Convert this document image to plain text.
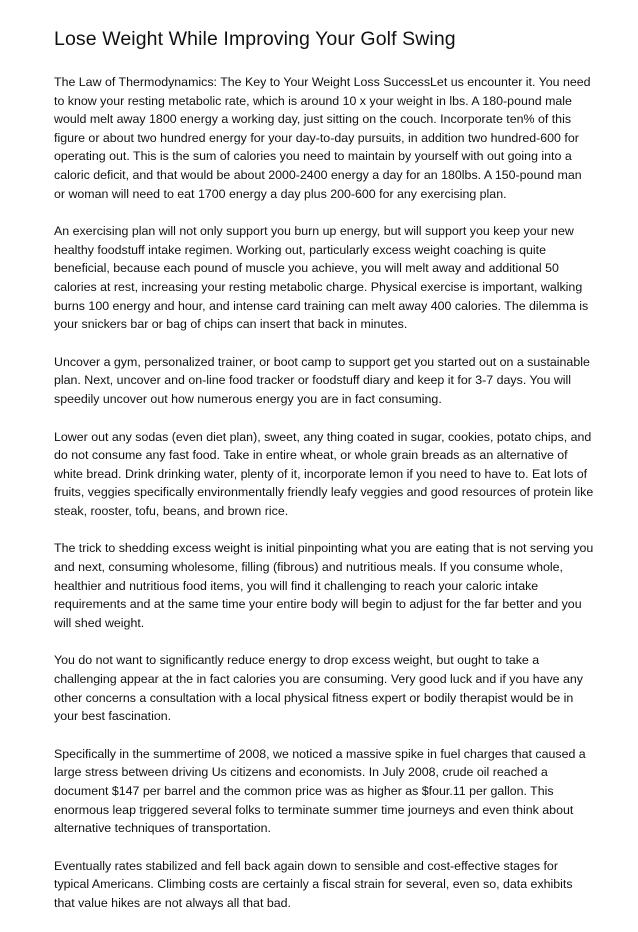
Lose Weight While Improving Your Golf Swing

The Law of Thermodynamics: The Key to Your Weight Loss SuccessLet us encounter it. You need to know your resting metabolic rate, which is around 10 x your weight in lbs. A 180-pound male would melt away 1800 energy a working day, just sitting on the couch. Incorporate ten% of this figure or about two hundred energy for your day-to-day pursuits, in addition two hundred-600 for operating out. This is the sum of calories you need to maintain by yourself with out going into a caloric deficit, and that would be about 2000-2400 energy a day for an 180lbs. A 150-pound man or woman will need to eat 1700 energy a day plus 200-600 for any exercising plan.

An exercising plan will not only support you burn up energy, but will support you keep your new healthy foodstuff intake regimen. Working out, particularly excess weight coaching is quite beneficial, because each pound of muscle you achieve, you will melt away and additional 50 calories at rest, increasing your resting metabolic charge. Physical exercise is important, walking burns 100 energy and hour, and intense card training can melt away 400 calories. The dilemma is your snickers bar or bag of chips can insert that back in minutes.

Uncover a gym, personalized trainer, or boot camp to support get you started out on a sustainable plan. Next, uncover and on-line food tracker or foodstuff diary and keep it for 3-7 days. You will speedily uncover out how numerous energy you are in fact consuming.

Lower out any sodas (even diet plan), sweet, any thing coated in sugar, cookies, potato chips, and do not consume any fast food. Take in entire wheat, or whole grain breads as an alternative of white bread. Drink drinking water, plenty of it, incorporate lemon if you need to have to. Eat lots of fruits, veggies specifically environmentally friendly leafy veggies and good resources of protein like steak, rooster, tofu, beans, and brown rice.

The trick to shedding excess weight is initial pinpointing what you are eating that is not serving you and next, consuming wholesome, filling (fibrous) and nutritious meals. If you consume whole, healthier and nutritious food items, you will find it challenging to reach your caloric intake requirements and at the same time your entire body will begin to adjust for the far better and you will shed weight.

You do not want to significantly reduce energy to drop excess weight, but ought to take a challenging appear at the in fact calories you are consuming. Very good luck and if you have any other concerns a consultation with a local physical fitness expert or bodily therapist would be in your best fascination.

Specifically in the summertime of 2008, we noticed a massive spike in fuel charges that caused a large stress between driving Us citizens and economists. In July 2008, crude oil reached a document $147 per barrel and the common price was as higher as $four.11 per gallon. This enormous leap triggered several folks to terminate summer time journeys and even think about alternative techniques of transportation.

Eventually rates stabilized and fell back again down to sensible and cost-effective stages for typical Americans. Climbing costs are certainly a fiscal strain for several, even so, data exhibits that value hikes are not always all that bad.
